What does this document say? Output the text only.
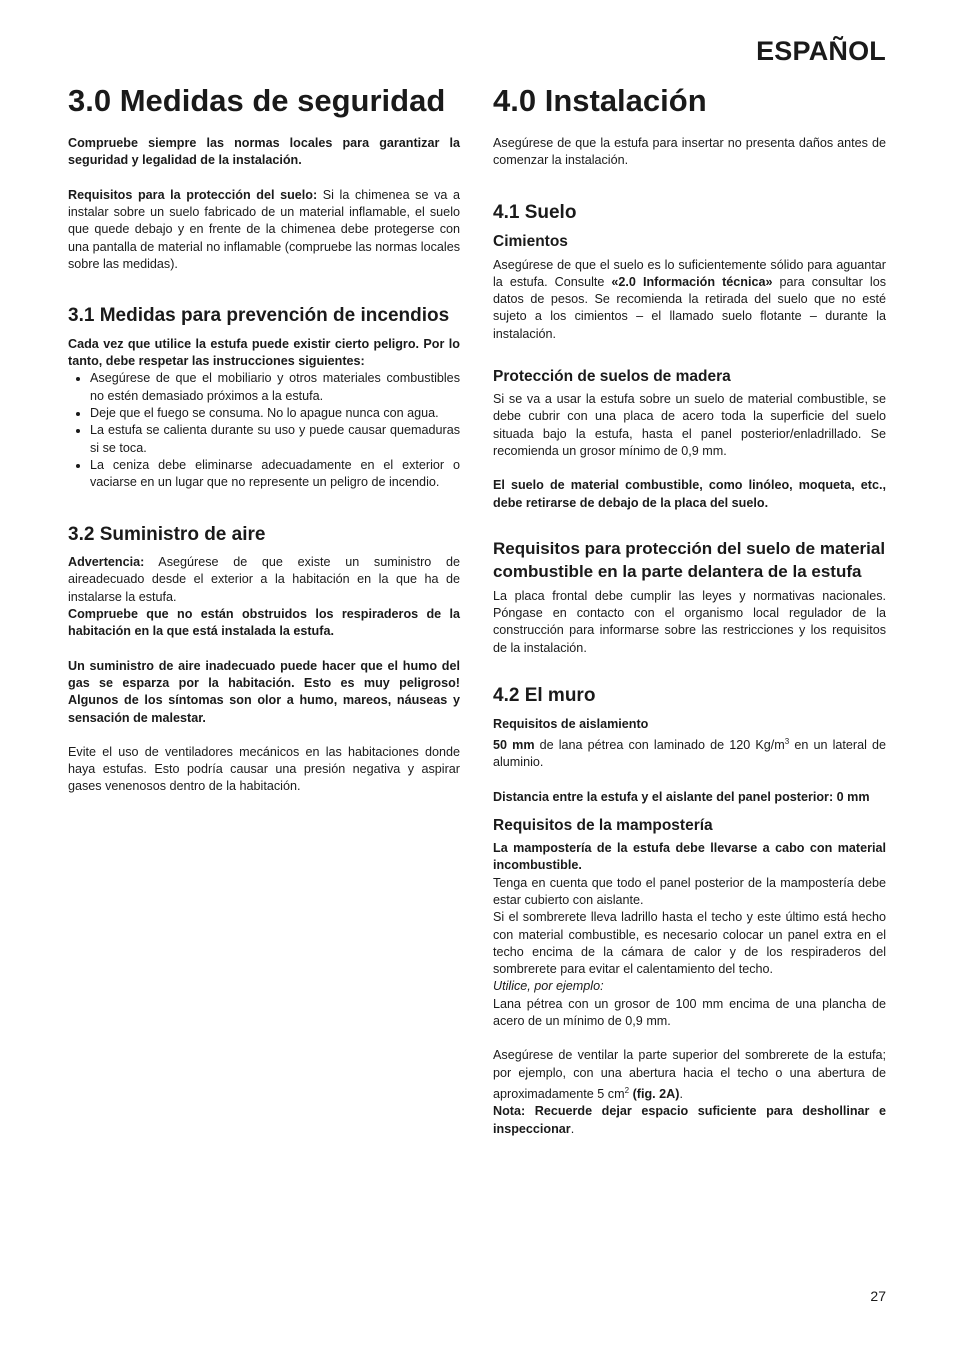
ESPAÑOL
3.0 Medidas de seguridad

Compruebe siempre las normas locales para garantizar la seguridad y legalidad de la instalación.

Requisitos para la protección del suelo: Si la chimenea se va a instalar sobre un suelo fabricado de un material inflamable, el suelo que quede debajo y en frente de la chimenea debe protegerse con una pantalla de material no inflamable (compruebe las normas locales sobre las medidas).

3.1 Medidas para prevención de incendios

Cada vez que utilice la estufa puede existir cierto peligro. Por lo tanto, debe respetar las instrucciones siguientes:

• Asegúrese de que el mobiliario y otros materiales combustibles no estén demasiado próximos a la estufa.
• Deje que el fuego se consuma. No lo apague nunca con agua.
• La estufa se calienta durante su uso y puede causar quemaduras si se toca.
• La ceniza debe eliminarse adecuadamente en el exterior o vaciarse en un lugar que no represente un peligro de incendio.
3.2 Suministro de aire

Advertencia: Asegúrese de que existe un suministro de aireadecuado desde el exterior a la habitación en la que ha de instalarse la estufa.

Compruebe que no están obstruidos los respiraderos de la habitación en la que está instalada la estufa.

Un suministro de aire inadecuado puede hacer que el humo del gas se esparza por la habitación. Esto es muy peligroso! Algunos de los síntomas son olor a humo, mareos, náuseas y sensación de malestar.

Evite el uso de ventiladores mecánicos en las habitaciones donde haya estufas. Esto podría causar una presión negativa y aspirar gases venenosos dentro de la habitación.

4.0 Instalación

Asegúrese de que la estufa para insertar no presenta daños antes de comenzar la instalación.

4.1 Suelo
Cimientos

Asegúrese de que el suelo es lo suficientemente sólido para aguantar la estufa. Consulte «2.0 Información técnica» para consultar los datos de pesos. Se recomienda la retirada del suelo que no esté sujeto a los cimientos – el llamado suelo flotante – durante la instalación.

Protección de suelos de madera

Si se va a usar la estufa sobre un suelo de material combustible, se debe cubrir con una placa de acero toda la superficie del suelo situada bajo la estufa, hasta el panel posterior/enladrillado. Se recomienda un grosor mínimo de 0,9 mm.

El suelo de material combustible, como linóleo, moqueta, etc., debe retirarse de debajo de la placa del suelo.

Requisitos para protección del suelo de material combustible en la parte delantera de la estufa

La placa frontal debe cumplir las leyes y normativas nacionales. Póngase en contacto con el organismo local regulador de la construcción para informarse sobre las restricciones y los requisitos de la instalación.

4.2 El muro

Requisitos de aislamiento

50 mm de lana pétrea con laminado de 120 $Kg/m^3$ en un lateral de aluminio.

Distancia entre la estufa y el aislante del panel posterior: 0 mm

Requisitos de la mampostería

La mampostería de la estufa debe llevarse a cabo con material incombustible.

Tenga en cuenta que todo el panel posterior de la mampostería debe estar cubierto con aislante.

Si el sombrerete lleva ladrillo hasta el techo y este último está hecho con material combustible, es necesario colocar un panel extra en el techo encima de la cámara de calor y de los respiraderos del sombrerete para evitar el calentamiento del techo.

Utilice, por ejemplo:

Lana pétrea con un grosor de 100 mm encima de una plancha de acero de un mínimo de 0,9 mm.

Asegúrese de ventilar la parte superior del sombrerete de la estufa; por ejemplo, con una abertura hacia el techo o una abertura de aproximadamente 5 $cm^2$ (fig. 2A).

Nota: Recuerde dejar espacio suficiente para deshollinar e inspeccionar.

27
